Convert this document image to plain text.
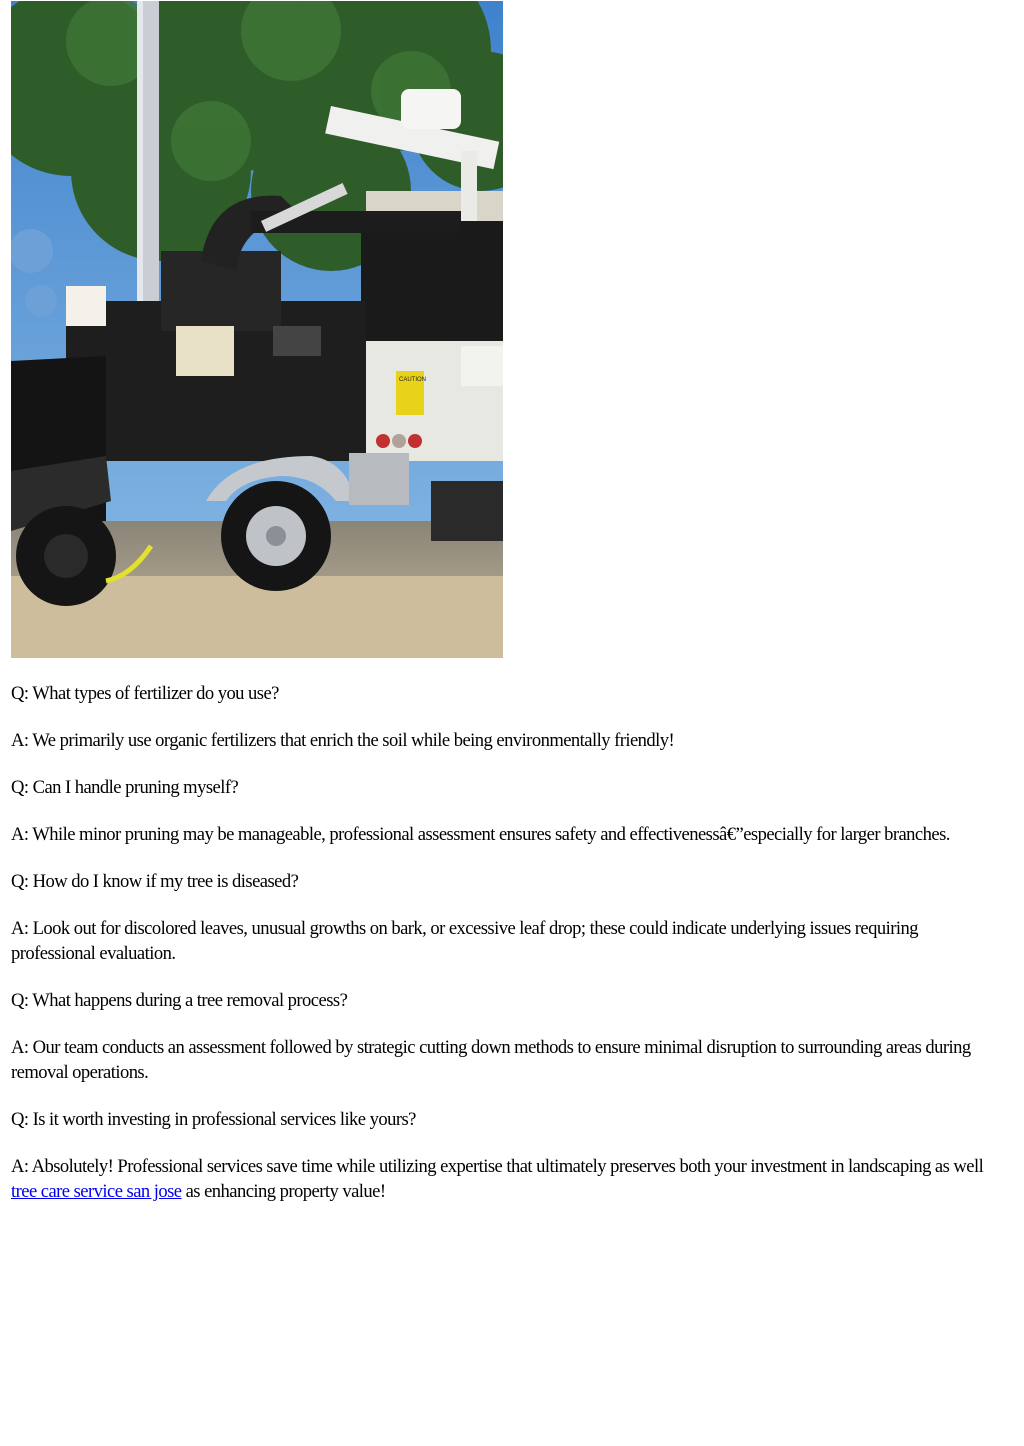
CAUTION

Q: What types of fertilizer do you use?

A: We primarily use organic fertilizers that enrich the soil while being environmentally friendly!

Q: Can I handle pruning myself?

A: While minor pruning may be manageable, professional assessment ensures safety and effectivenessâ€”especially for larger branches.

Q: How do I know if my tree is diseased?

A: Look out for discolored leaves, unusual growths on bark, or excessive leaf drop; these could indicate underlying issues requiring professional evaluation.

Q: What happens during a tree removal process?

A: Our team conducts an assessment followed by strategic cutting down methods to ensure minimal disruption to surrounding areas during removal operations.

Q: Is it worth investing in professional services like yours?

A: Absolutely! Professional services save time while utilizing expertise that ultimately preserves both your investment in landscaping as well tree care service san jose as enhancing property value!
